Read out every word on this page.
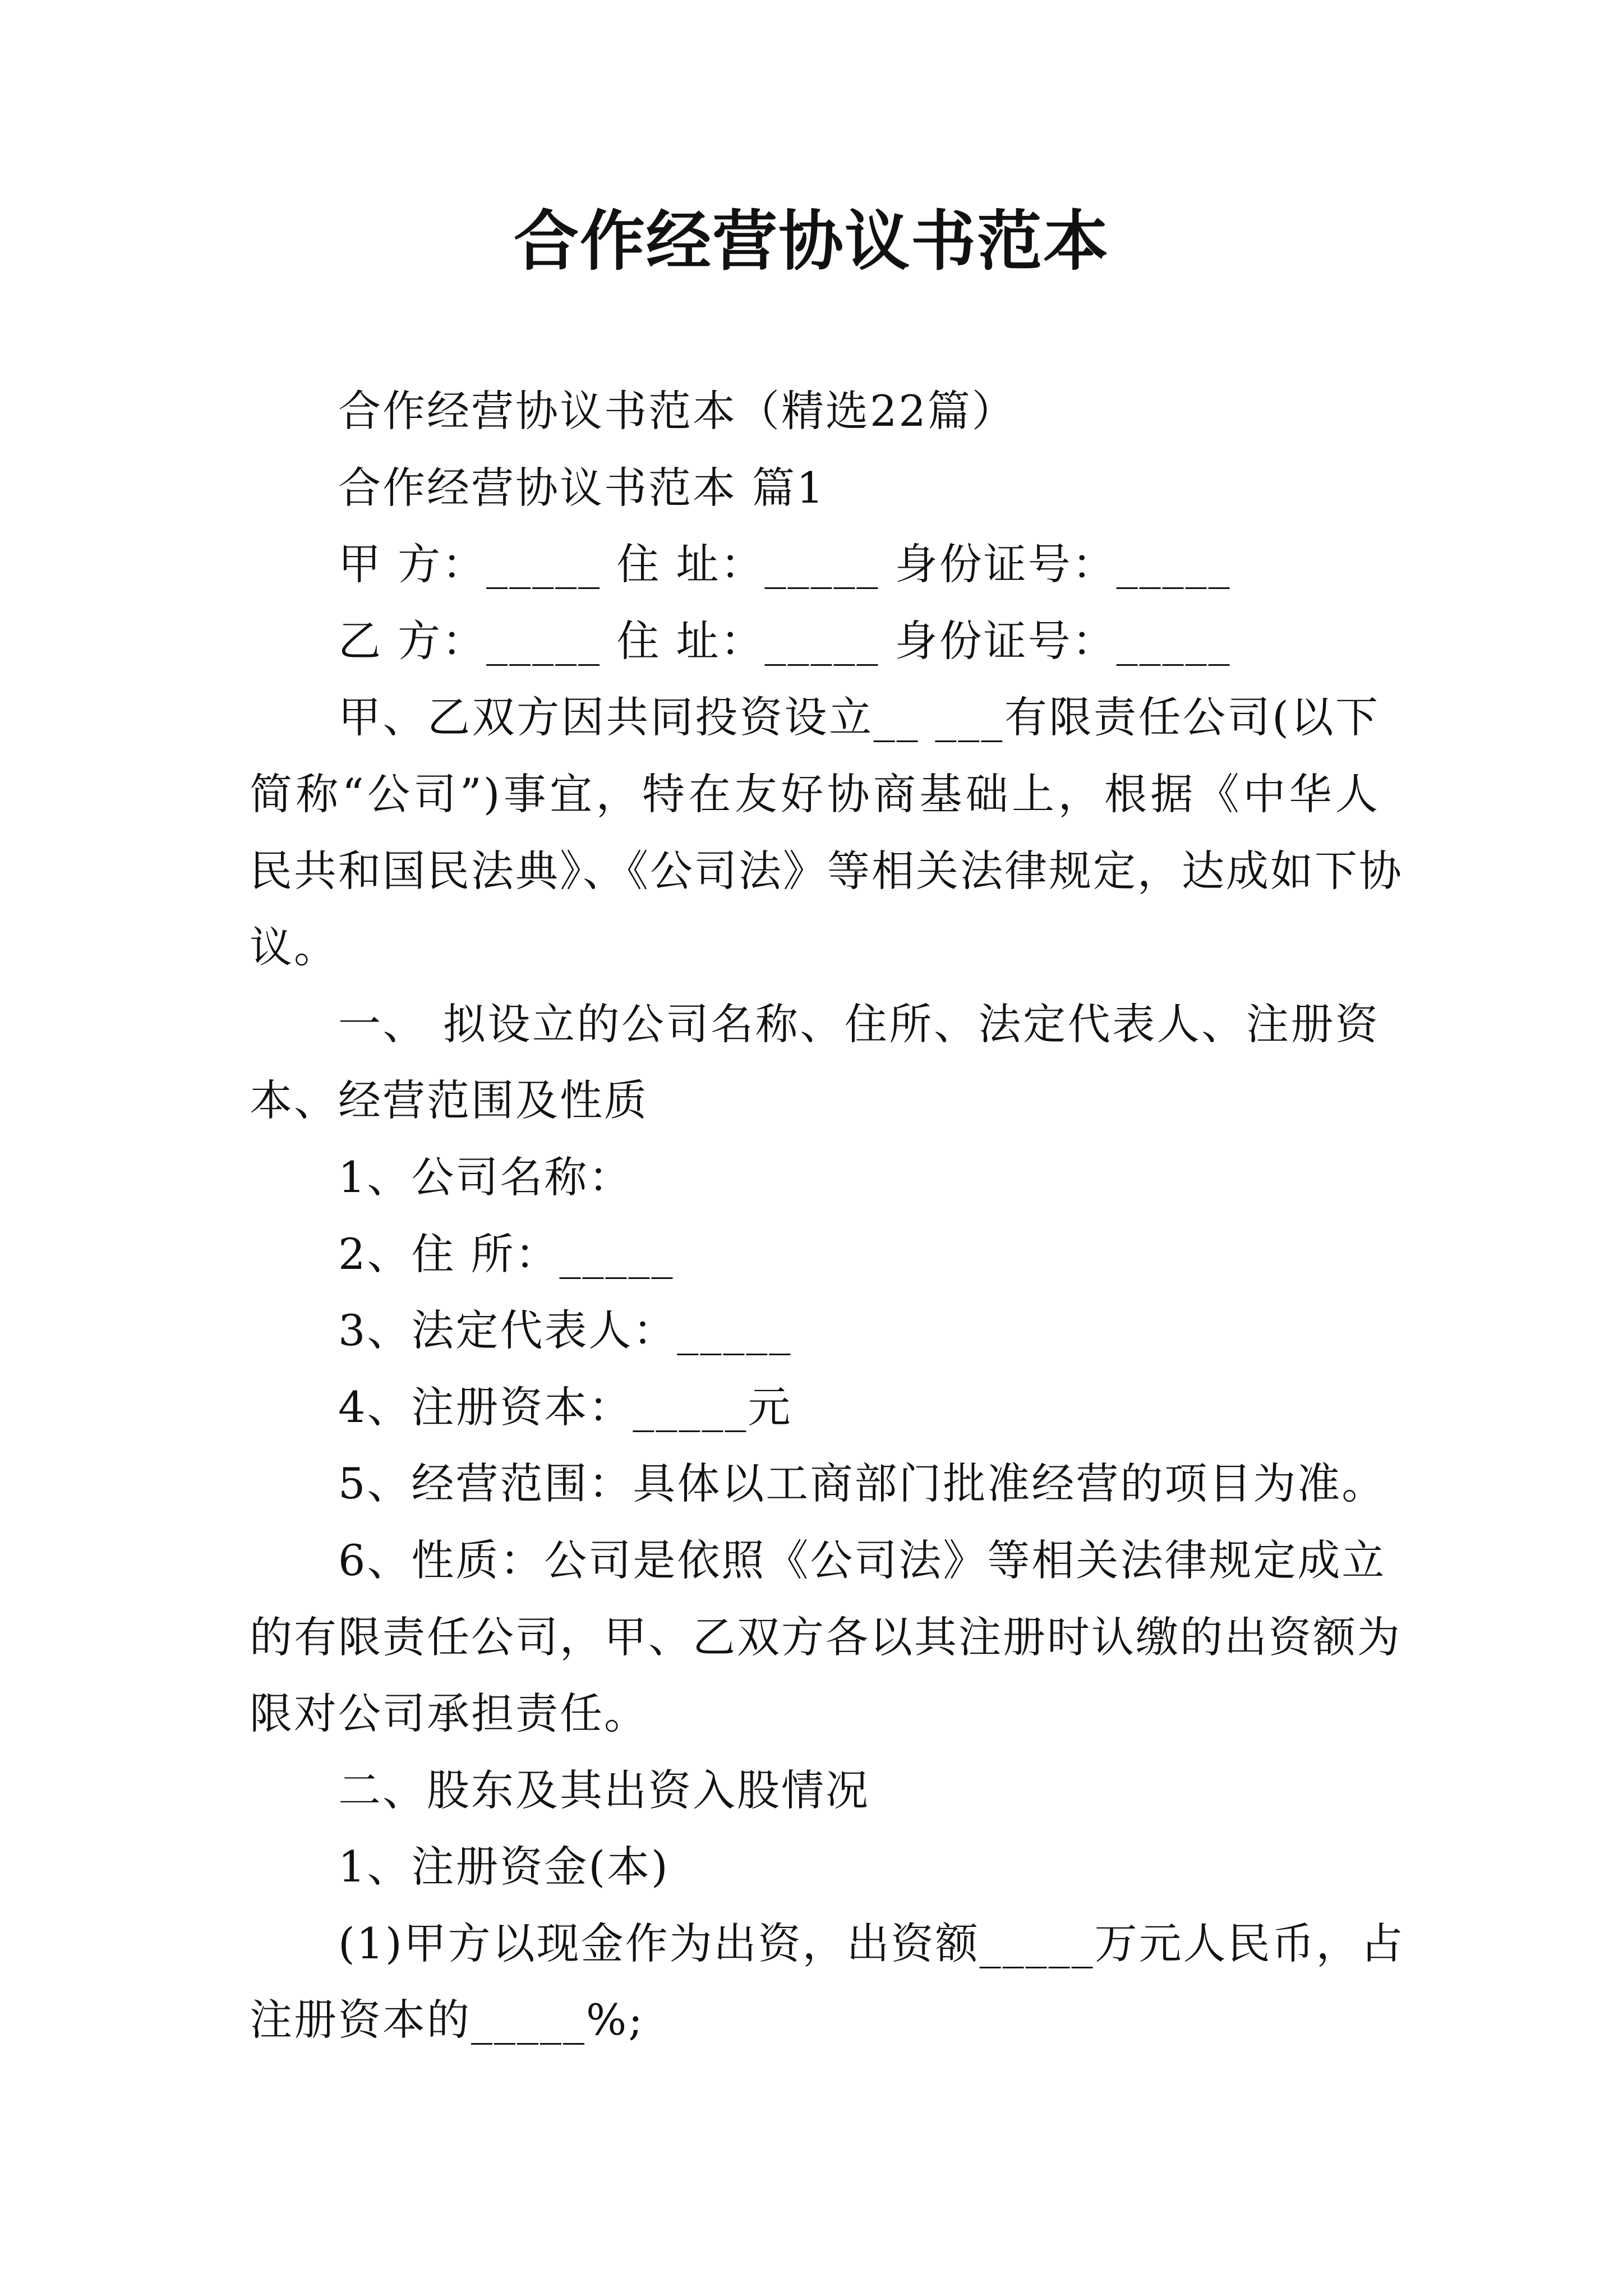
合作经营协议书范本
合作经营协议书范本（精选22篇）
合作经营协议书范本 篇1
甲 方：_____ 住 址：_____ 身份证号：_____
乙 方：_____ 住 址：_____ 身份证号：_____
甲、乙双方因共同投资设立__ ___有限责任公司(以下
简称“公司”)事宜，特在友好协商基础上，根据《中华人
民共和国民法典》、《公司法》等相关法律规定，达成如下协
议。
一、 拟设立的公司名称、住所、法定代表人、注册资
本、经营范围及性质
1、公司名称：
2、住 所：_____
3、法定代表人：_____
4、注册资本：_____元
5、经营范围：具体以工商部门批准经营的项目为准。
6、性质：公司是依照《公司法》等相关法律规定成立
的有限责任公司，甲、乙双方各以其注册时认缴的出资额为
限对公司承担责任。
二、股东及其出资入股情况
1、注册资金(本)
(1)甲方以现金作为出资，出资额_____万元人民币，占
注册资本的_____%;
